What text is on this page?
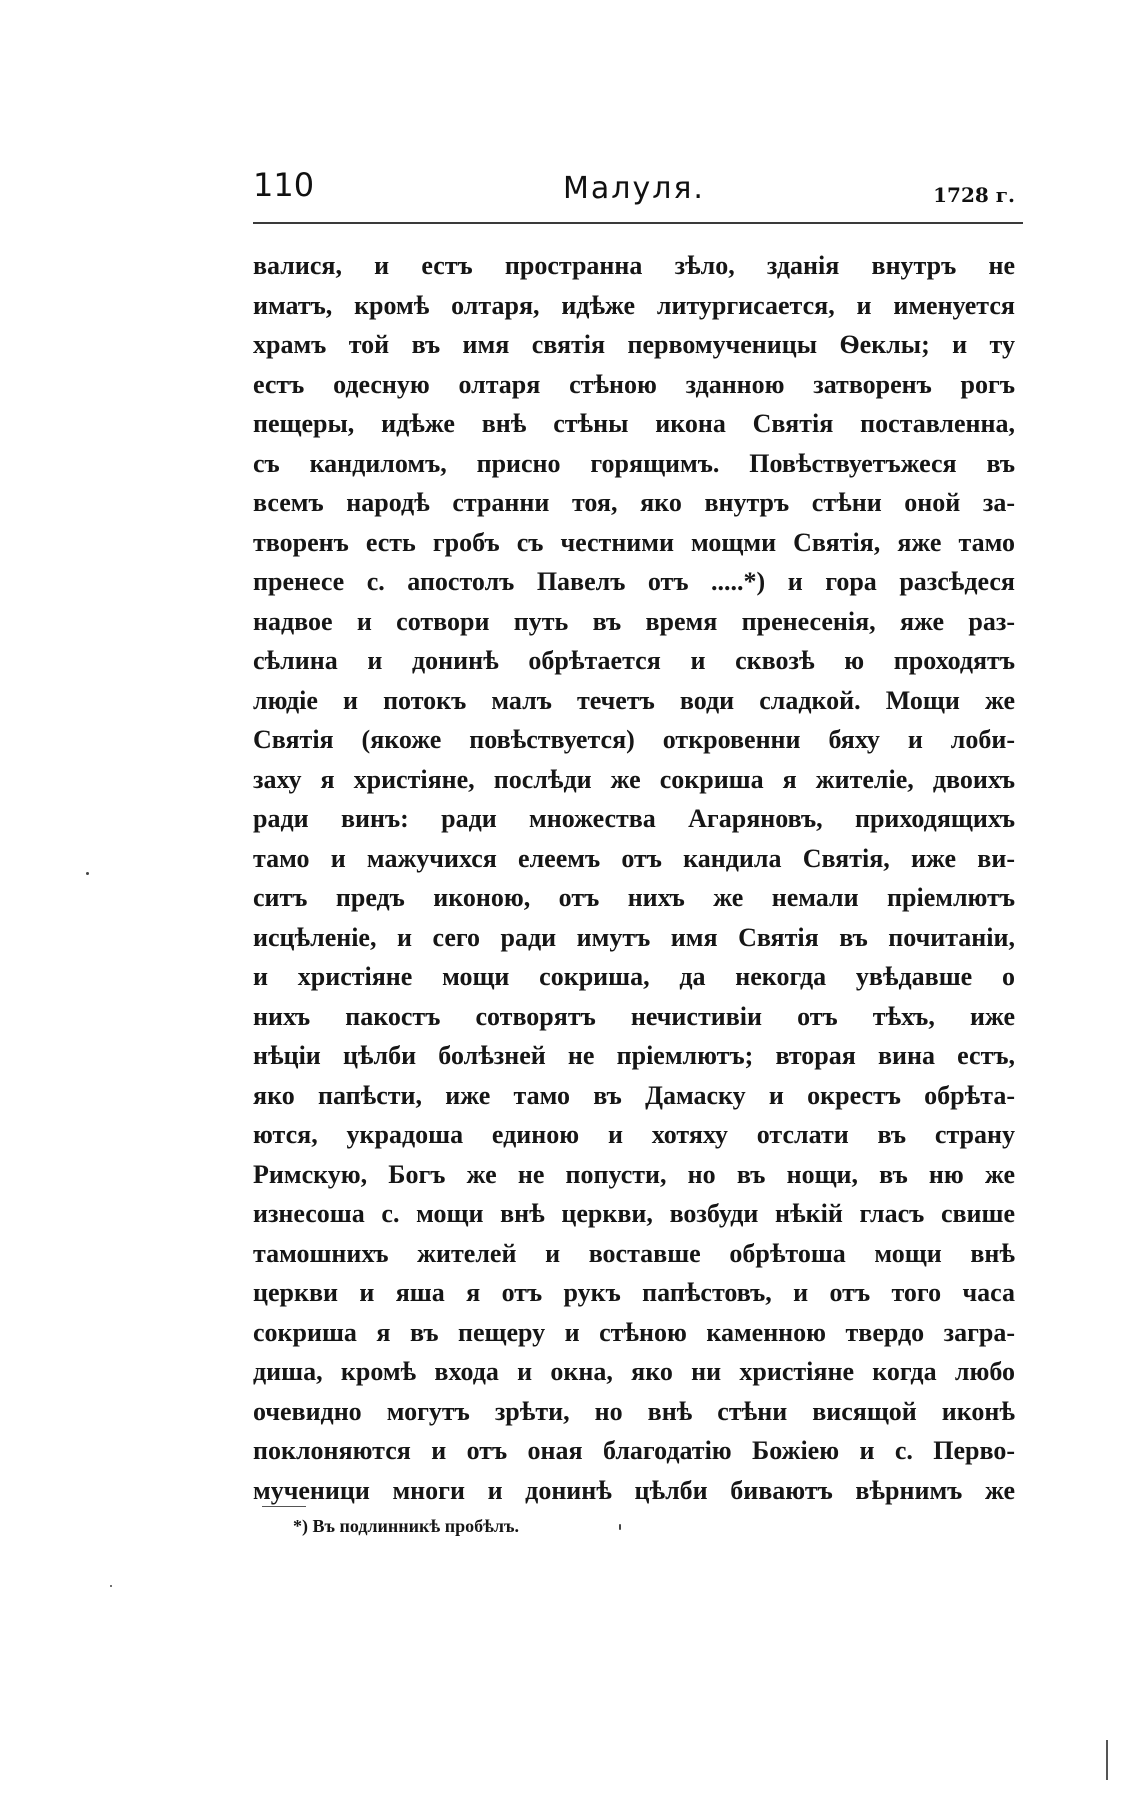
110	Малуля.	1728 г.
валися, и естъ пространна зѣло, зданія внутръ не
иматъ, кромѣ олтаря, идѣже литургисается, и именуется
храмъ той въ имя святія первомученицы Ѳеклы; и ту
естъ одесную олтаря стѣною зданною затворенъ рогъ
пещеры, идѣже внѣ стѣны икона Святія поставленна,
съ кандиломъ, присно горящимъ. Повѣствуетъжеся въ
всемъ народѣ странни тоя, яко внутръ стѣни оной за-
творенъ есть гробъ съ честними мощми Святія, яже тамо
пренесе с. апостолъ Павелъ отъ .....*) и гора разсѣдеся
надвое и сотвори путь въ время пренесенія, яже раз-
сѣлина и донинѣ обрѣтается и сквозѣ ю проходятъ
людіе и потокъ малъ течетъ води сладкой. Мощи же
Святія (якоже повѣствуется) откровенни бяху и лоби-
заху я христіяне, послѣди же сокриша я жителіе, двоихъ
ради винъ: ради множества Агаряновъ, приходящихъ
тамо и мажучихся елеемъ отъ кандила Святія, иже ви-
ситъ предъ иконою, отъ нихъ же немали пріемлютъ
исцѣленіе, и сего ради имутъ имя Святія въ почитаніи,
и христіяне мощи сокриша, да некогда увѣдавше о
нихъ пакостъ сотворятъ нечистивіи отъ тѣхъ, иже
нѣціи цѣлби болѣзней не пріемлютъ; вторая вина естъ,
яко папѣсти, иже тамо въ Дамаску и окрестъ обрѣта-
ются, украдоша единою и хотяху отслати въ страну
Римскую, Богъ же не попусти, но въ нощи, въ ню же
изнесоша с. мощи внѣ церкви, возбуди нѣкій гласъ свише
тамошнихъ жителей и воставше обрѣтоша мощи внѣ
церкви и яша я отъ рукъ папѣстовъ, и отъ того часа
сокриша я въ пещеру и стѣною каменною твердо загра-
диша, кромѣ входа и окна, яко ни христіяне когда любо
очевидно могутъ зрѣти, но внѣ стѣни висящой иконѣ
поклоняются и отъ оная благодатію Божіею и с. Перво-
мученици многи и донинѣ цѣлби биваютъ вѣрнимъ же
*) Въ подлинникѣ пробѣлъ.
